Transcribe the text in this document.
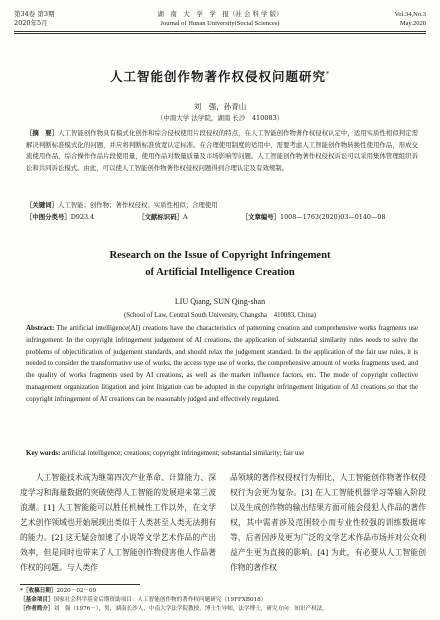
第34卷 第3期
2020年5月
湖　南　大　学　学　报（社 会 科 学 版）
Journal of Hunan University(Social Sciences)
Vol.34,No.3
May.2020
人工智能创作物著作权侵权问题研究*
刘　强，孙青山
（中南大学 法学院，湖南 长沙　410083）
［摘　要］人工智能创作物具有模式化创作和综合侵权使用片段侵权的特点，在人工智能创作物著作权侵权认定中，适用实质性相似判定需解决判断标准模式化的问题，并应将判断标准放宽认定标准。在合理使用制度的适用中，需要考虑人工智能创作物转换性使用作品，形成交流使用作品，综合操作作品片段使用量，使用作品对数量质量及市场影响等问题。人工智能创作物著作权侵权诉讼可以采用集体管理组织诉讼和共同诉讼模式。由此，可以使人工智能创作物著作权侵权问题得到合理认定及有效规制。
［关键词］人工智能；创作物；著作权侵权；实质性相似；合理使用
［中图分类号］D923.4	［文献标识码］A	［文章编号］1008—1763(2020)03—0140—08
Research on the Issue of Copyright Infringement
of Artificial Intelligence Creation
LIU Qiang, SUN Qing-shan
(School of Law, Central South University, Changsha　410083, China)
Abstract: The artificial intelligence(AI) creations have the characteristics of patterning creation and comprehensive works fragments use infringement. In the copyright infringement judgement of AI creations, the application of substantial similarity rules needs to solve the problems of objectification of judgement standards, and should relax the judgement standard. In the application of the fair use rules, it is needed to consider the transformative use of works, the access type use of works, the comprehensive amount of works fragments used, and the quality of works fragments used by AI creations, as well as the market influence factors, etc. The mode of copyright collective management organization litigation and joint litigation can be adopted in the copyright infringement litigation of AI creations so that the copyright infringement of AI creations can be reasonably judged and effectively regulated.
Key words: artificial intelligence; creations; copyright infringement; substantial similarity; fair use
　　人工智能技术成为继第四次产业革命、计算能力、深度学习和海量数据的突破使得人工智能的发展迎来第三波浪潮。[1] 人工智能能可以胜任机械性工作以外，在文学艺术创作领域也开始展现出类似于人类甚至人类无法拥有的能力。[2] 这无疑会加速了小说等文学艺术作品的产出效率，但是同时也带来了人工智能创作物侵害他人作品著作权的问题。与人类作
品领域的著作权侵权行为相比，人工智能创作物著作权侵权行为会更为复杂。[3] 在人工智能机器学习等输入阶段以及生成创作物的输出结果方面可能会侵犯人作品的著作权，其中需者涉及范围较小而专业性较强的训练数据库等，后者因涉及更为广泛的文学艺术作品市场并对公众利益产生更为直接的影响。[4] 为此，有必要从人工智能创作物的著作权
*［收稿日期］2020－02－09
［基金项目］国家社会科学基金后期资助项目：人工智能创作物的著作权问题研究（19FFXB018）
［作者简介］刘　强（1976－），男，湖南长沙人，中南大学法学院教授，博士生导师，法学博士，研究方向：知识产权法。
